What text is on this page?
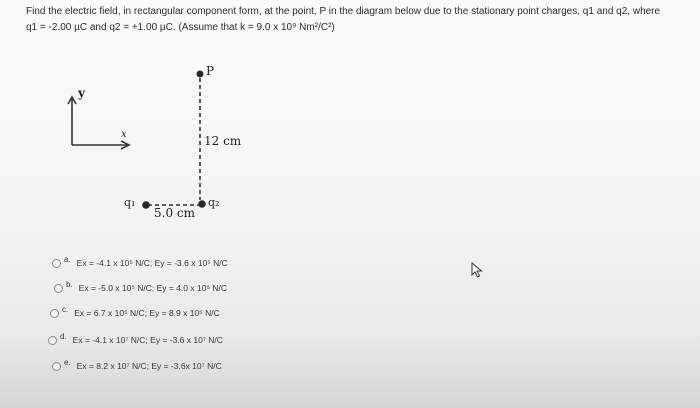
Find the electric field, in rectangular component form, at the point, P in the diagram below due to the stationary point charges, q1 and q2, where
q1 = -2.00 µC and q2 = +1.00 µC. (Assume that k = 9.0 x 10⁹ Nm²/C²)
y
x
P
12 cm
5.0 cm
q₁	q₂
a. Ex = -4.1 x 10⁵ N/C; Ey = -3.6 x 10⁵ N/C
b. Ex = -5.0 x 10⁵ N/C; Ey = 4.0 x 10⁵ N/C
c. Ex = 6.7 x 10⁵ N/C; Ey = 8.9 x 10⁵ N/C
d. Ex = -4.1 x 10⁷ N/C; Ey = -3.6 x 10⁷ N/C
e. Ex = 8.2 x 10⁷ N/C; Ey = -3.6x 10⁷ N/C
